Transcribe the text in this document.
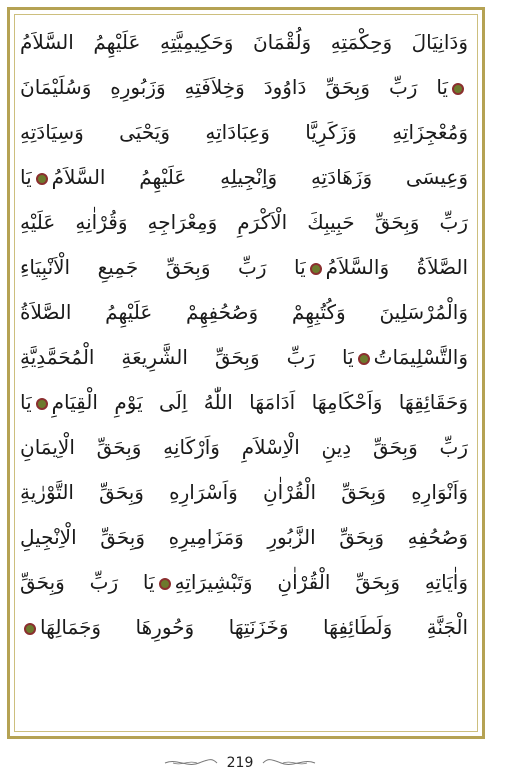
وَدَانِيَالَ وَحِكْمَتِهِ وَلُقْمَانَ وَحَكِيمِيَّتِهِ عَلَيْهِمُ السَّلاَمُ
يَا رَبِّ وَبِحَقِّ دَاوُودَ وَخِلاَفَتِهِ وَزَبُورِهِ وَسُلَيْمَانَ
وَمُعْجِزَاتِهِ وَزَكَرِيَّا وَعِبَادَاتِهِ وَيَحْيَى وَسِيَادَتِهِ
وَعِيسَى وَزَهَادَتِهِ وَاِنْجِيلِهِ عَلَيْهِمُ السَّلاَمُيَا
رَبِّ وَبِحَقِّ حَبِيبِكَ الْاَكْرَمِ وَمِعْرَاجِهِ وَقُرْاٰنِهِ عَلَيْهِ
الصَّلاَةُ وَالسَّلاَمُيَا رَبِّ وَبِحَقِّ جَمِيعِ الْاَنْبِيَاءِ
وَالْمُرْسَلِينَ وَكُتُبِهِمْ وَصُحُفِهِمْ عَلَيْهِمُ الصَّلاَةُ
وَالتَّسْلِيمَاتُيَا رَبِّ وَبِحَقِّ الشَّرِيعَةِ الْمُحَمَّدِيَّةِ
وَحَقَائِقِهَا وَاَحْكَامِهَا اَدَامَهَا اللّٰهُ اِلَى يَوْمِ الْقِيَامِيَا
رَبِّ وَبِحَقِّ دِينِ الْاِسْلاَمِ وَاَرْكَانِهِ وَبِحَقِّ الْاِيمَانِ
وَاَنْوَارِهِ وَبِحَقِّ الْقُرْاٰنِ وَاَسْرَارِهِ وَبِحَقِّ التَّوْرٰيةِ
وَصُحُفِهِ وَبِحَقِّ الزَّبُورِ وَمَزَامِيرِهِ وَبِحَقِّ الْاِنْجِيلِ
وَاٰيَاتِهِ وَبِحَقِّ الْقُرْاٰنِ وَتَبْشِيرَاتِهِيَا رَبِّ وَبِحَقِّ
الْجَنَّةِ وَلَطَائِفِهَا وَخَزَنَتِهَا وَحُورِهَا وَجَمَالِهَا
219
